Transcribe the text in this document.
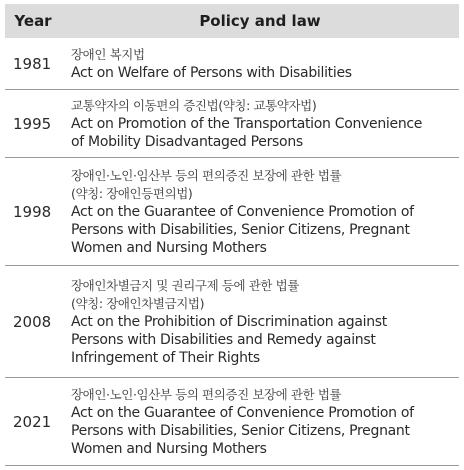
Year	Policy and law
1981
장애인 복지법
Act on Welfare of Persons with Disabilities
1995
교통약자의 이동편의 증진법(약칭: 교통약자법)
Act on Promotion of the Transportation Convenience
of Mobility Disadvantaged Persons
1998
장애인·노인·임산부 등의 편의증진 보장에 관한 법률
(약칭: 장애인등편의법)
Act on the Guarantee of Convenience Promotion of
Persons with Disabilities, Senior Citizens, Pregnant
Women and Nursing Mothers
2008
장애인차별금지 및 권리구제 등에 관한 법률
(약칭: 장애인차별금지법)
Act on the Prohibition of Discrimination against
Persons with Disabilities and Remedy against
Infringement of Their Rights
2021
장애인·노인·임산부 등의 편의증진 보장에 관한 법률
Act on the Guarantee of Convenience Promotion of
Persons with Disabilities, Senior Citizens, Pregnant
Women and Nursing Mothers
